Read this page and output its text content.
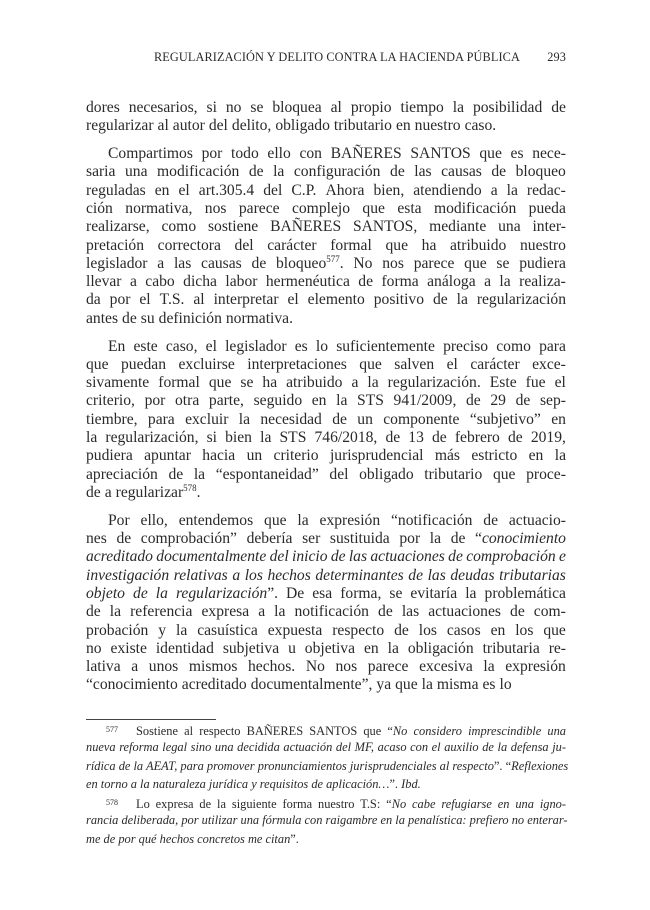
REGULARIZACIÓN Y DELITO CONTRA LA HACIENDA PÚBLICA 293
dores necesarios, si no se bloquea al propio tiempo la posibilidad de
regularizar al autor del delito, obligado tributario en nuestro caso.
Compartimos por todo ello con BAÑERES SANTOS que es nece-
saria una modificación de la configuración de las causas de bloqueo
reguladas en el art.305.4 del C.P. Ahora bien, atendiendo a la redac-
ción normativa, nos parece complejo que esta modificación pueda
realizarse, como sostiene BAÑERES SANTOS, mediante una inter-
pretación correctora del carácter formal que ha atribuido nuestro
legislador a las causas de bloqueo$^{577}$. No nos parece que se pudiera
llevar a cabo dicha labor hermenéutica de forma análoga a la realiza-
da por el T.S. al interpretar el elemento positivo de la regularización
antes de su definición normativa.
En este caso, el legislador es lo suficientemente preciso como para
que puedan excluirse interpretaciones que salven el carácter exce-
sivamente formal que se ha atribuido a la regularización. Este fue el
criterio, por otra parte, seguido en la STS 941/2009, de 29 de sep-
tiembre, para excluir la necesidad de un componente “subjetivo” en
la regularización, si bien la STS 746/2018, de 13 de febrero de 2019,
pudiera apuntar hacia un criterio jurisprudencial más estricto en la
apreciación de la “espontaneidad” del obligado tributario que proce-
de a regularizar$^{578}$.
Por ello, entendemos que la expresión “notificación de actuacio-
nes de comprobación” debería ser sustituida por la de “conocimiento
acreditado documentalmente del inicio de las actuaciones de comprobación e
investigación relativas a los hechos determinantes de las deudas tributarias
objeto de la regularización”. De esa forma, se evitaría la problemática
de la referencia expresa a la notificación de las actuaciones de com-
probación y la casuística expuesta respecto de los casos en los que
no existe identidad subjetiva u objetiva en la obligación tributaria re-
lativa a unos mismos hechos. No nos parece excesiva la expresión
“conocimiento acreditado documentalmente”, ya que la misma es lo
577 Sostiene al respecto BAÑERES SANTOS que “No considero imprescindible una
nueva reforma legal sino una decidida actuación del MF, acaso con el auxilio de la defensa ju-
rídica de la AEAT, para promover pronunciamientos jurisprudenciales al respecto”. “Reflexiones
en torno a la naturaleza jurídica y requisitos de aplicación…”. Ibd.
578 Lo expresa de la siguiente forma nuestro T.S: “No cabe refugiarse en una igno-
rancia deliberada, por utilizar una fórmula con raigambre en la penalística: prefiero no enterar-
me de por qué hechos concretos me citan”.
